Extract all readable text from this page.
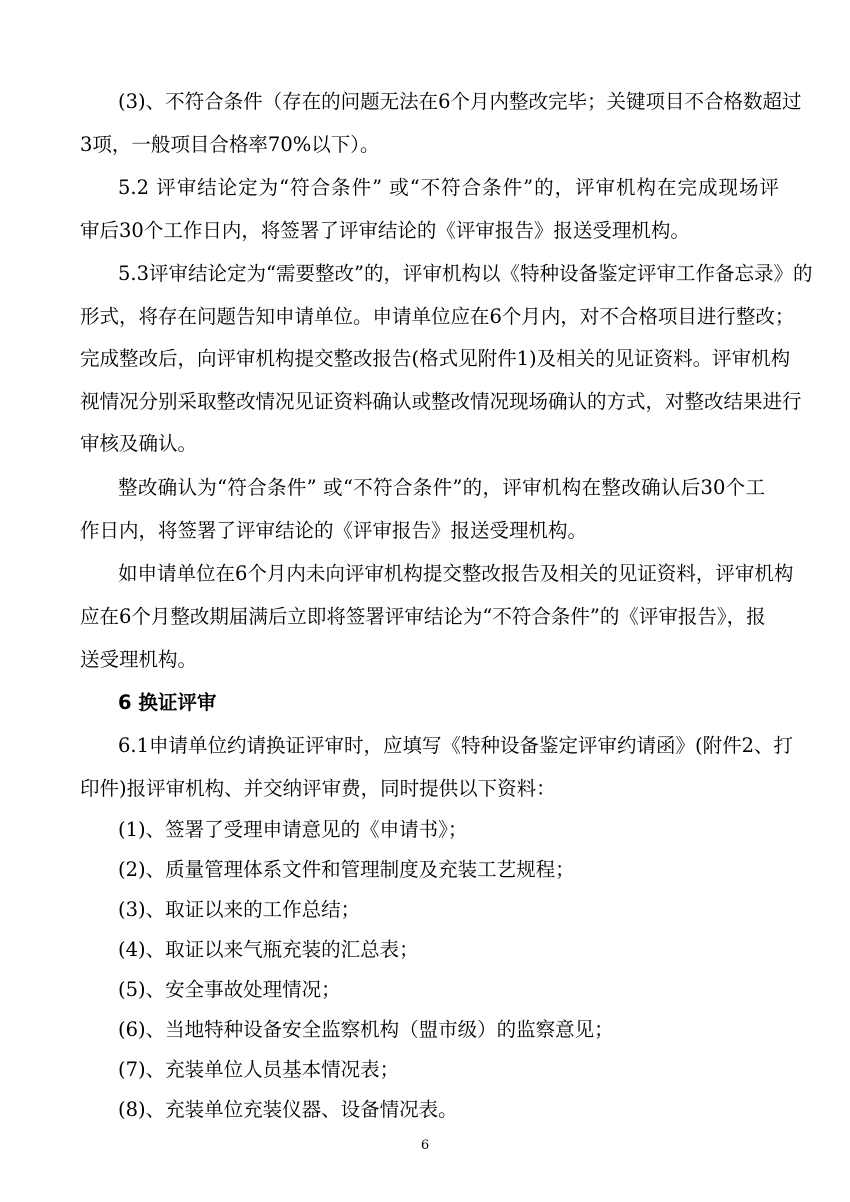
(3)、不符合条件（存在的问题无法在6个月内整改完毕；关键项目不合格数超过
3项，一般项目合格率70%以下）。
5.2 评审结论定为“符合条件” 或“不符合条件”的，评审机构在完成现场评
审后30个工作日内，将签署了评审结论的《评审报告》报送受理机构。
5.3评审结论定为“需要整改”的，评审机构以《特种设备鉴定评审工作备忘录》的
形式，将存在问题告知申请单位。申请单位应在6个月内，对不合格项目进行整改；
完成整改后，向评审机构提交整改报告(格式见附件1)及相关的见证资料。评审机构
视情况分别采取整改情况见证资料确认或整改情况现场确认的方式，对整改结果进行
审核及确认。
整改确认为“符合条件” 或“不符合条件”的，评审机构在整改确认后30个工
作日内，将签署了评审结论的《评审报告》报送受理机构。
如申请单位在6个月内未向评审机构提交整改报告及相关的见证资料，评审机构
应在6个月整改期届满后立即将签署评审结论为“不符合条件”的《评审报告》，报
送受理机构。
6 换证评审
6.1申请单位约请换证评审时，应填写《特种设备鉴定评审约请函》(附件2、打
印件)报评审机构、并交纳评审费，同时提供以下资料：
(1)、签署了受理申请意见的《申请书》；
(2)、质量管理体系文件和管理制度及充装工艺规程；
(3)、取证以来的工作总结；
(4)、取证以来气瓶充装的汇总表；
(5)、安全事故处理情况；
(6)、当地特种设备安全监察机构（盟市级）的监察意见；
(7)、充装单位人员基本情况表；
6
(8)、充装单位充装仪器、设备情况表。
